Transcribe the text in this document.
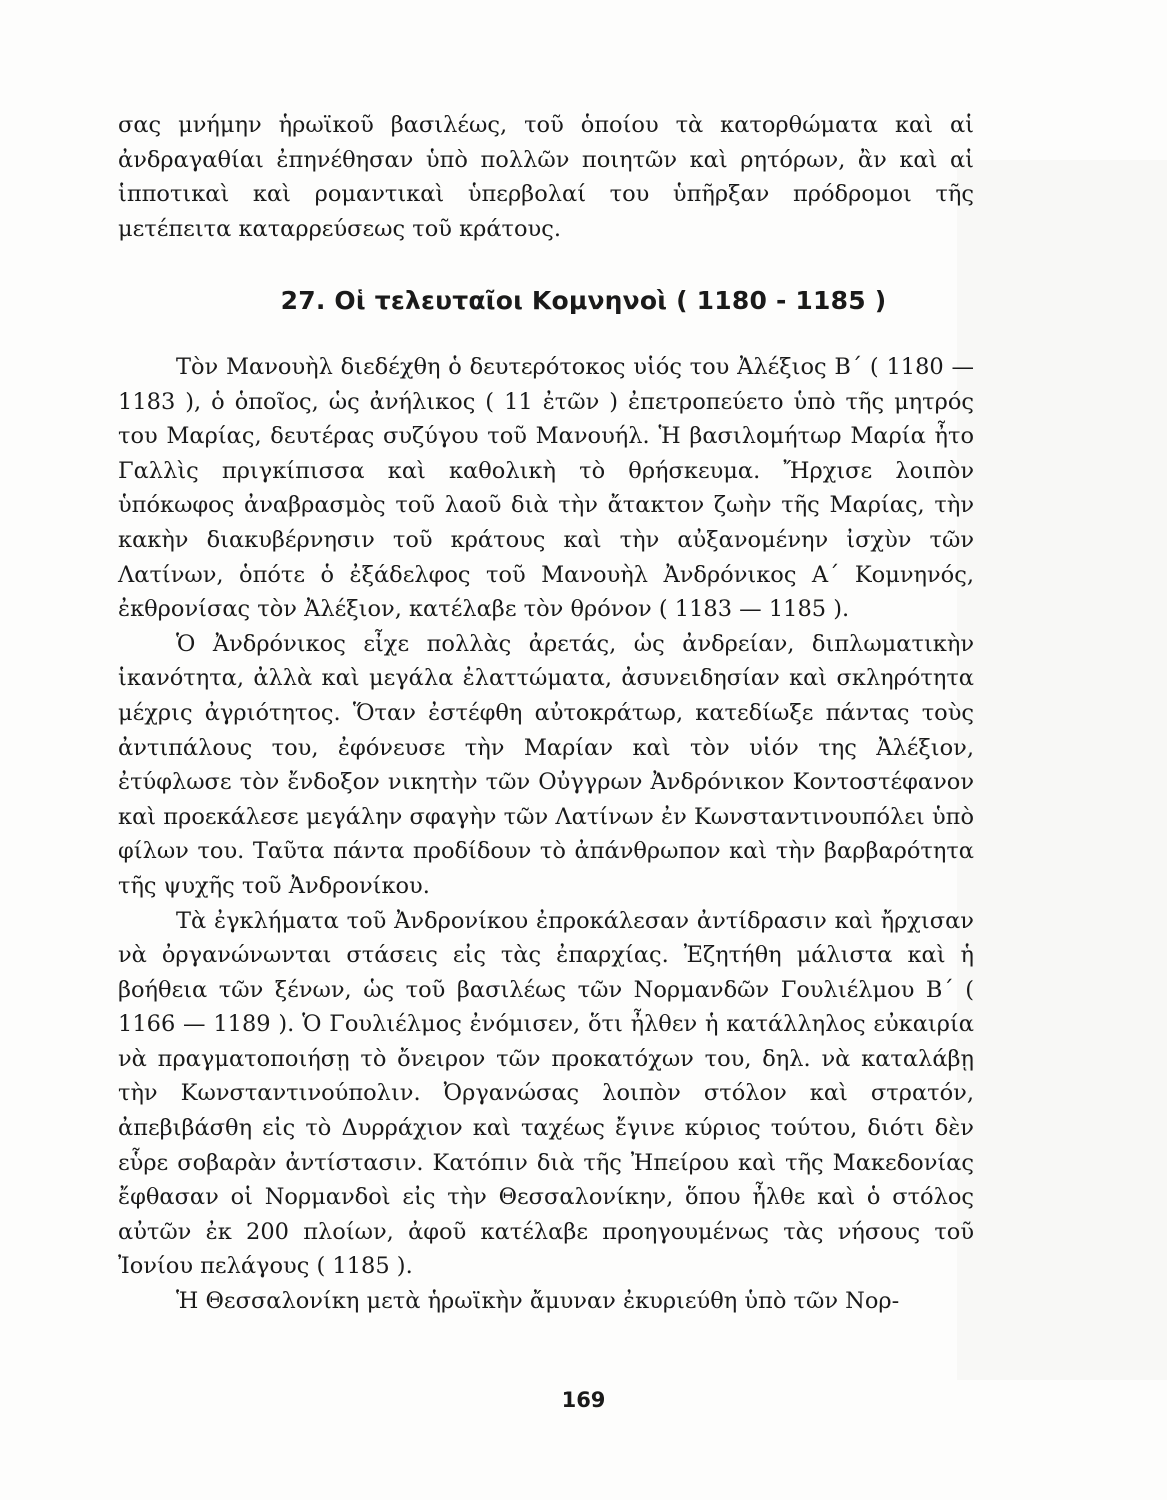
σας μνήμην ἡρωϊκοῦ βασιλέως, τοῦ ὁποίου τὰ κατορθώματα καὶ αἱ ἀνδραγαθίαι ἐπηνέθησαν ὑπὸ πολλῶν ποιητῶν καὶ ρητόρων, ἂν καὶ αἱ ἱπποτικαὶ καὶ ρομαντικαὶ ὑπερβολαί του ὑπῆρξαν πρόδρομοι τῆς μετέπειτα καταρρεύσεως τοῦ κράτους.

27. Οἱ τελευταῖοι Κομνηνοὶ ( 1180 - 1185 )

Τὸν Μανουὴλ διεδέχθη ὁ δευτερότοκος υἱός του Ἀλέξιος Β΄ ( 1180 — 1183 ), ὁ ὁποῖος, ὡς ἀνήλικος ( 11 ἐτῶν ) ἐπετροπεύετο ὑπὸ τῆς μητρός του Μαρίας, δευτέρας συζύγου τοῦ Μανουήλ. Ἡ βασιλομήτωρ Μαρία ἦτο Γαλλὶς πριγκίπισσα καὶ καθολικὴ τὸ θρήσκευμα. Ἤρχισε λοιπὸν ὑπόκωφος ἀναβρασμὸς τοῦ λαοῦ διὰ τὴν ἄτακτον ζωὴν τῆς Μαρίας, τὴν κακὴν διακυβέρνησιν τοῦ κράτους καὶ τὴν αὐξανομένην ἰσχὺν τῶν Λατίνων, ὁπότε ὁ ἐξάδελφος τοῦ Μανουὴλ Ἀνδρόνικος Α΄ Κομνηνός, ἐκθρονίσας τὸν Ἀλέξιον, κατέλαβε τὸν θρόνον ( 1183 — 1185 ).

Ὁ Ἀνδρόνικος εἶχε πολλὰς ἀρετάς, ὡς ἀνδρείαν, διπλωματικὴν ἱκανότητα, ἀλλὰ καὶ μεγάλα ἐλαττώματα, ἀσυνειδησίαν καὶ σκληρότητα μέχρις ἀγριότητος. Ὅταν ἐστέφθη αὐτοκράτωρ, κατεδίωξε πάντας τοὺς ἀντιπάλους του, ἐφόνευσε τὴν Μαρίαν καὶ τὸν υἱόν της Ἀλέξιον, ἐτύφλωσε τὸν ἔνδοξον νικητὴν τῶν Οὐγγρων Ἀνδρόνικον Κοντοστέφανον καὶ προεκάλεσε μεγάλην σφαγὴν τῶν Λατίνων ἐν Κωνσταντινουπόλει ὑπὸ φίλων του. Ταῦτα πάντα προδίδουν τὸ ἀπάνθρωπον καὶ τὴν βαρβαρότητα τῆς ψυχῆς τοῦ Ἀνδρονίκου.

Τὰ ἐγκλήματα τοῦ Ἀνδρονίκου ἐπροκάλεσαν ἀντίδρασιν καὶ ἤρχισαν νὰ ὀργανώνωνται στάσεις εἰς τὰς ἐπαρχίας. Ἐζητήθη μάλιστα καὶ ἡ βοήθεια τῶν ξένων, ὡς τοῦ βασιλέως τῶν Νορμανδῶν Γουλιέλμου Β΄ ( 1166 — 1189 ). Ὁ Γουλιέλμος ἐνόμισεν, ὅτι ἦλθεν ἡ κατάλληλος εὐκαιρία νὰ πραγματοποιήσῃ τὸ ὄνειρον τῶν προκατόχων του, δηλ. νὰ καταλάβῃ τὴν Κωνσταντινούπολιν. Ὀργανώσας λοιπὸν στόλον καὶ στρατόν, ἀπεβιβάσθη εἰς τὸ Δυρράχιον καὶ ταχέως ἔγινε κύριος τούτου, διότι δὲν εὗρε σοβαρὰν ἀντίστασιν. Κατόπιν διὰ τῆς Ἠπείρου καὶ τῆς Μακεδονίας ἔφθασαν οἱ Νορμανδοὶ εἰς τὴν Θεσσαλονίκην, ὅπου ἦλθε καὶ ὁ στόλος αὐτῶν ἐκ 200 πλοίων, ἀφοῦ κατέλαβε προηγουμένως τὰς νήσους τοῦ Ἰονίου πελάγους ( 1185 ).

Ἡ Θεσσαλονίκη μετὰ ἡρωϊκὴν ἄμυναν ἐκυριεύθη ὑπὸ τῶν Νορ-

169
